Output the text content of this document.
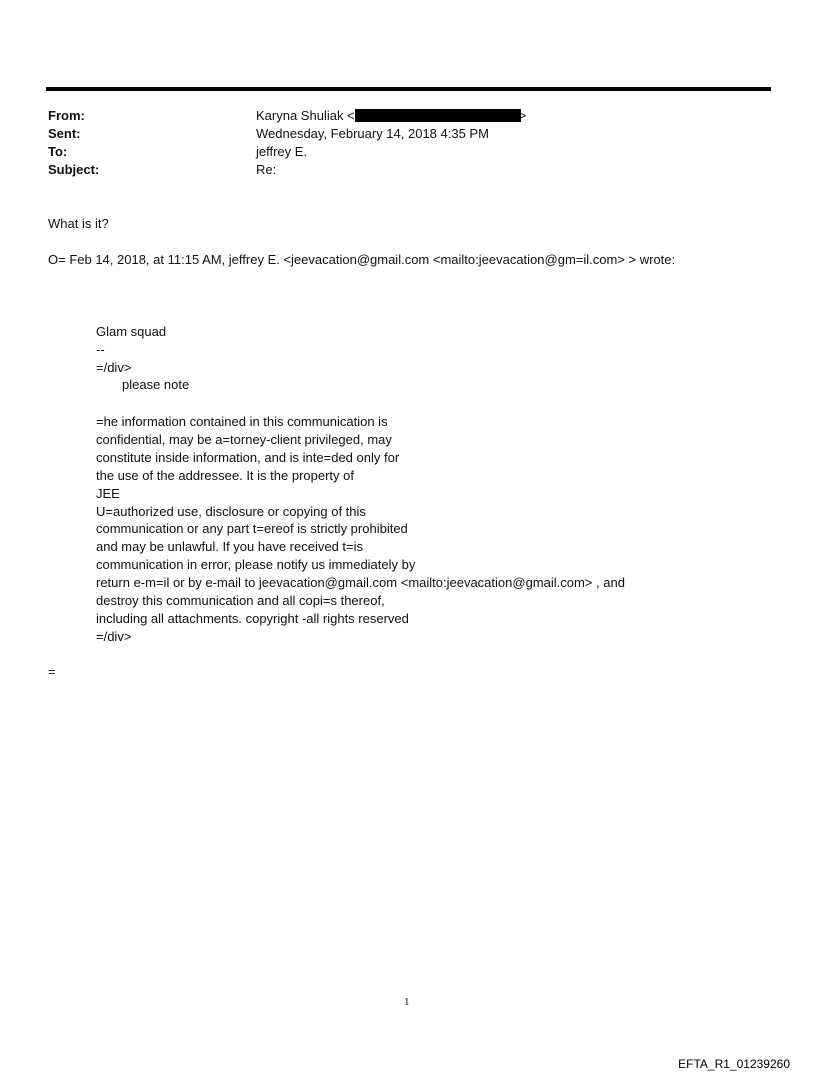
From:	Karyna Shuliak <	>
Sent:	Wednesday, February 14, 2018 4:35 PM
To:	jeffrey E.
Subject:	Re:
What is it?
O= Feb 14, 2018, at 11:15 AM, jeffrey E. <jeevacation@gmail.com <mailto:jeevacation@gm=il.com> > wrote:
Glam squad
--
=/div>
please note
=he information contained in this communication is
confidential, may be a=torney-client privileged, may
constitute inside information, and is inte=ded only for
the use of the addressee. It is the property of
JEE
U=authorized use, disclosure or copying of this
communication or any part t=ereof is strictly prohibited
and may be unlawful. If you have received t=is
communication in error, please notify us immediately by
return e-m=il or by e-mail to jeevacation@gmail.com <mailto:jeevacation@gmail.com> , and
destroy this communication and all copi=s thereof,
including all attachments. copyright -all rights reserved
=/div>
=
1
EFTA_R1_01239260
